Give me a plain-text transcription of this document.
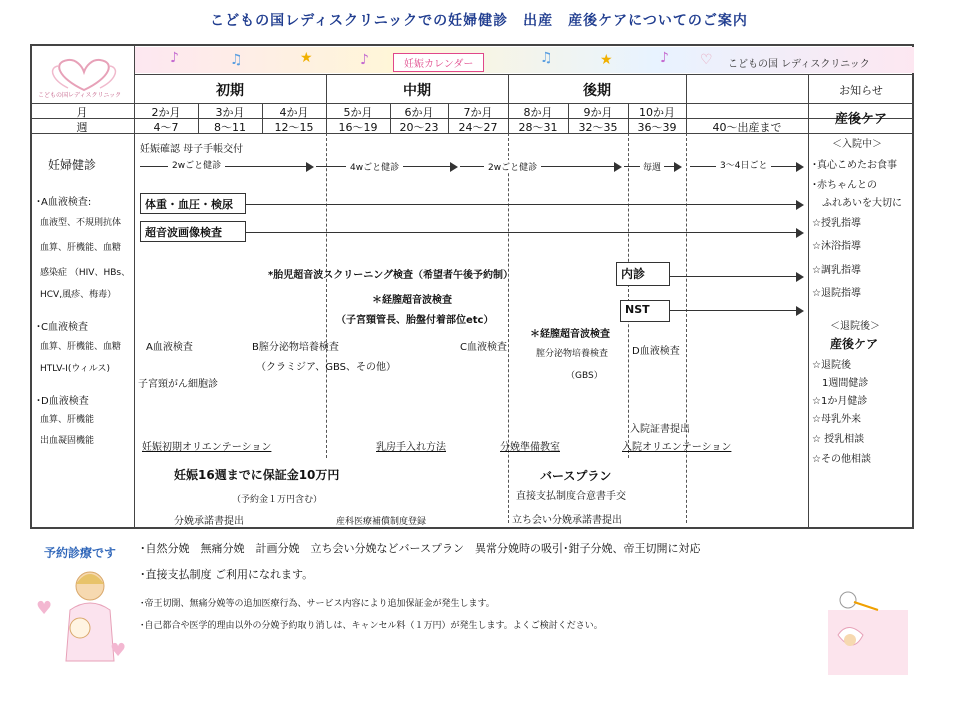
こどもの国レディスクリニックでの妊婦健診　出産　産後ケアについてのご案内
こどもの国レディスクリニック
妊娠カレンダー	こどもの国 レディスクリニック
♡
♪	♫	★	♪	♫	★	♪
初期	中期	後期	お知らせ
月	2か月	3か月	4か月	5か月	6か月	7か月	8か月	9か月	10か月
週	4～7	8～11	12～15	16～19	20～23	24～27	28～31	32～35	36～39	40～出産まで
産後ケア
妊婦健診
･A血液検査:
血液型、不規則抗体
血算、肝機能、血糖
感染症 （HIV、HBs、
HCV,風疹、梅毒）
･C血液検査
血算、肝機能、血糖
HTLV-I(ウィルス)
･D血液検査
血算、肝機能
出血凝固機能
妊娠確認 母子手帳交付
2wごと健診	4wごと健診	2wごと健診	毎週	3～4日ごと
体重・血圧・検尿
超音波画像検査
*胎児超音波スクリーニング検査（希望者午後予約制）
＊経膣超音波検査
（子宮頸管長、胎盤付着部位etc）
＊経膣超音波検査
内診
NST
A血液検査	B膣分泌物培養検査
（クラミジア、GBS、その他）
C血液検査
膣分泌物培養検査
（GBS）
D血液検査
子宮頸がん細胞診
入院証書提出
妊娠初期オリエンテーション	乳房手入れ方法	分娩準備教室	入院オリエンテーション
妊娠16週までに保証金10万円
（予約金１万円含む）
分娩承諾書提出	産科医療補償制度登録
バースプラン
直接支払制度合意書手交
立ち会い分娩承諾書提出
＜入院中＞
･真心こめたお食事
･赤ちゃんとの
　ふれあいを大切に
☆授乳指導
☆沐浴指導
☆調乳指導
☆退院指導
＜退院後＞
産後ケア
☆退院後
　1週間健診
☆1か月健診
☆母乳外来
☆ 授乳相談
☆その他相談
予約診療です ･自然分娩　無痛分娩　計画分娩　立ち会い分娩などバースプラン　異常分娩時の吸引･鉗子分娩、帝王切開に対応
･直接支払制度 ご利用になれます。
･帝王切開、無痛分娩等の追加医療行為、サービス内容により追加保証金が発生します。
･自己都合や医学的理由以外の分娩予約取り消しは、キャンセル料（１万円）が発生します。よくご検討ください。
♥
♥
